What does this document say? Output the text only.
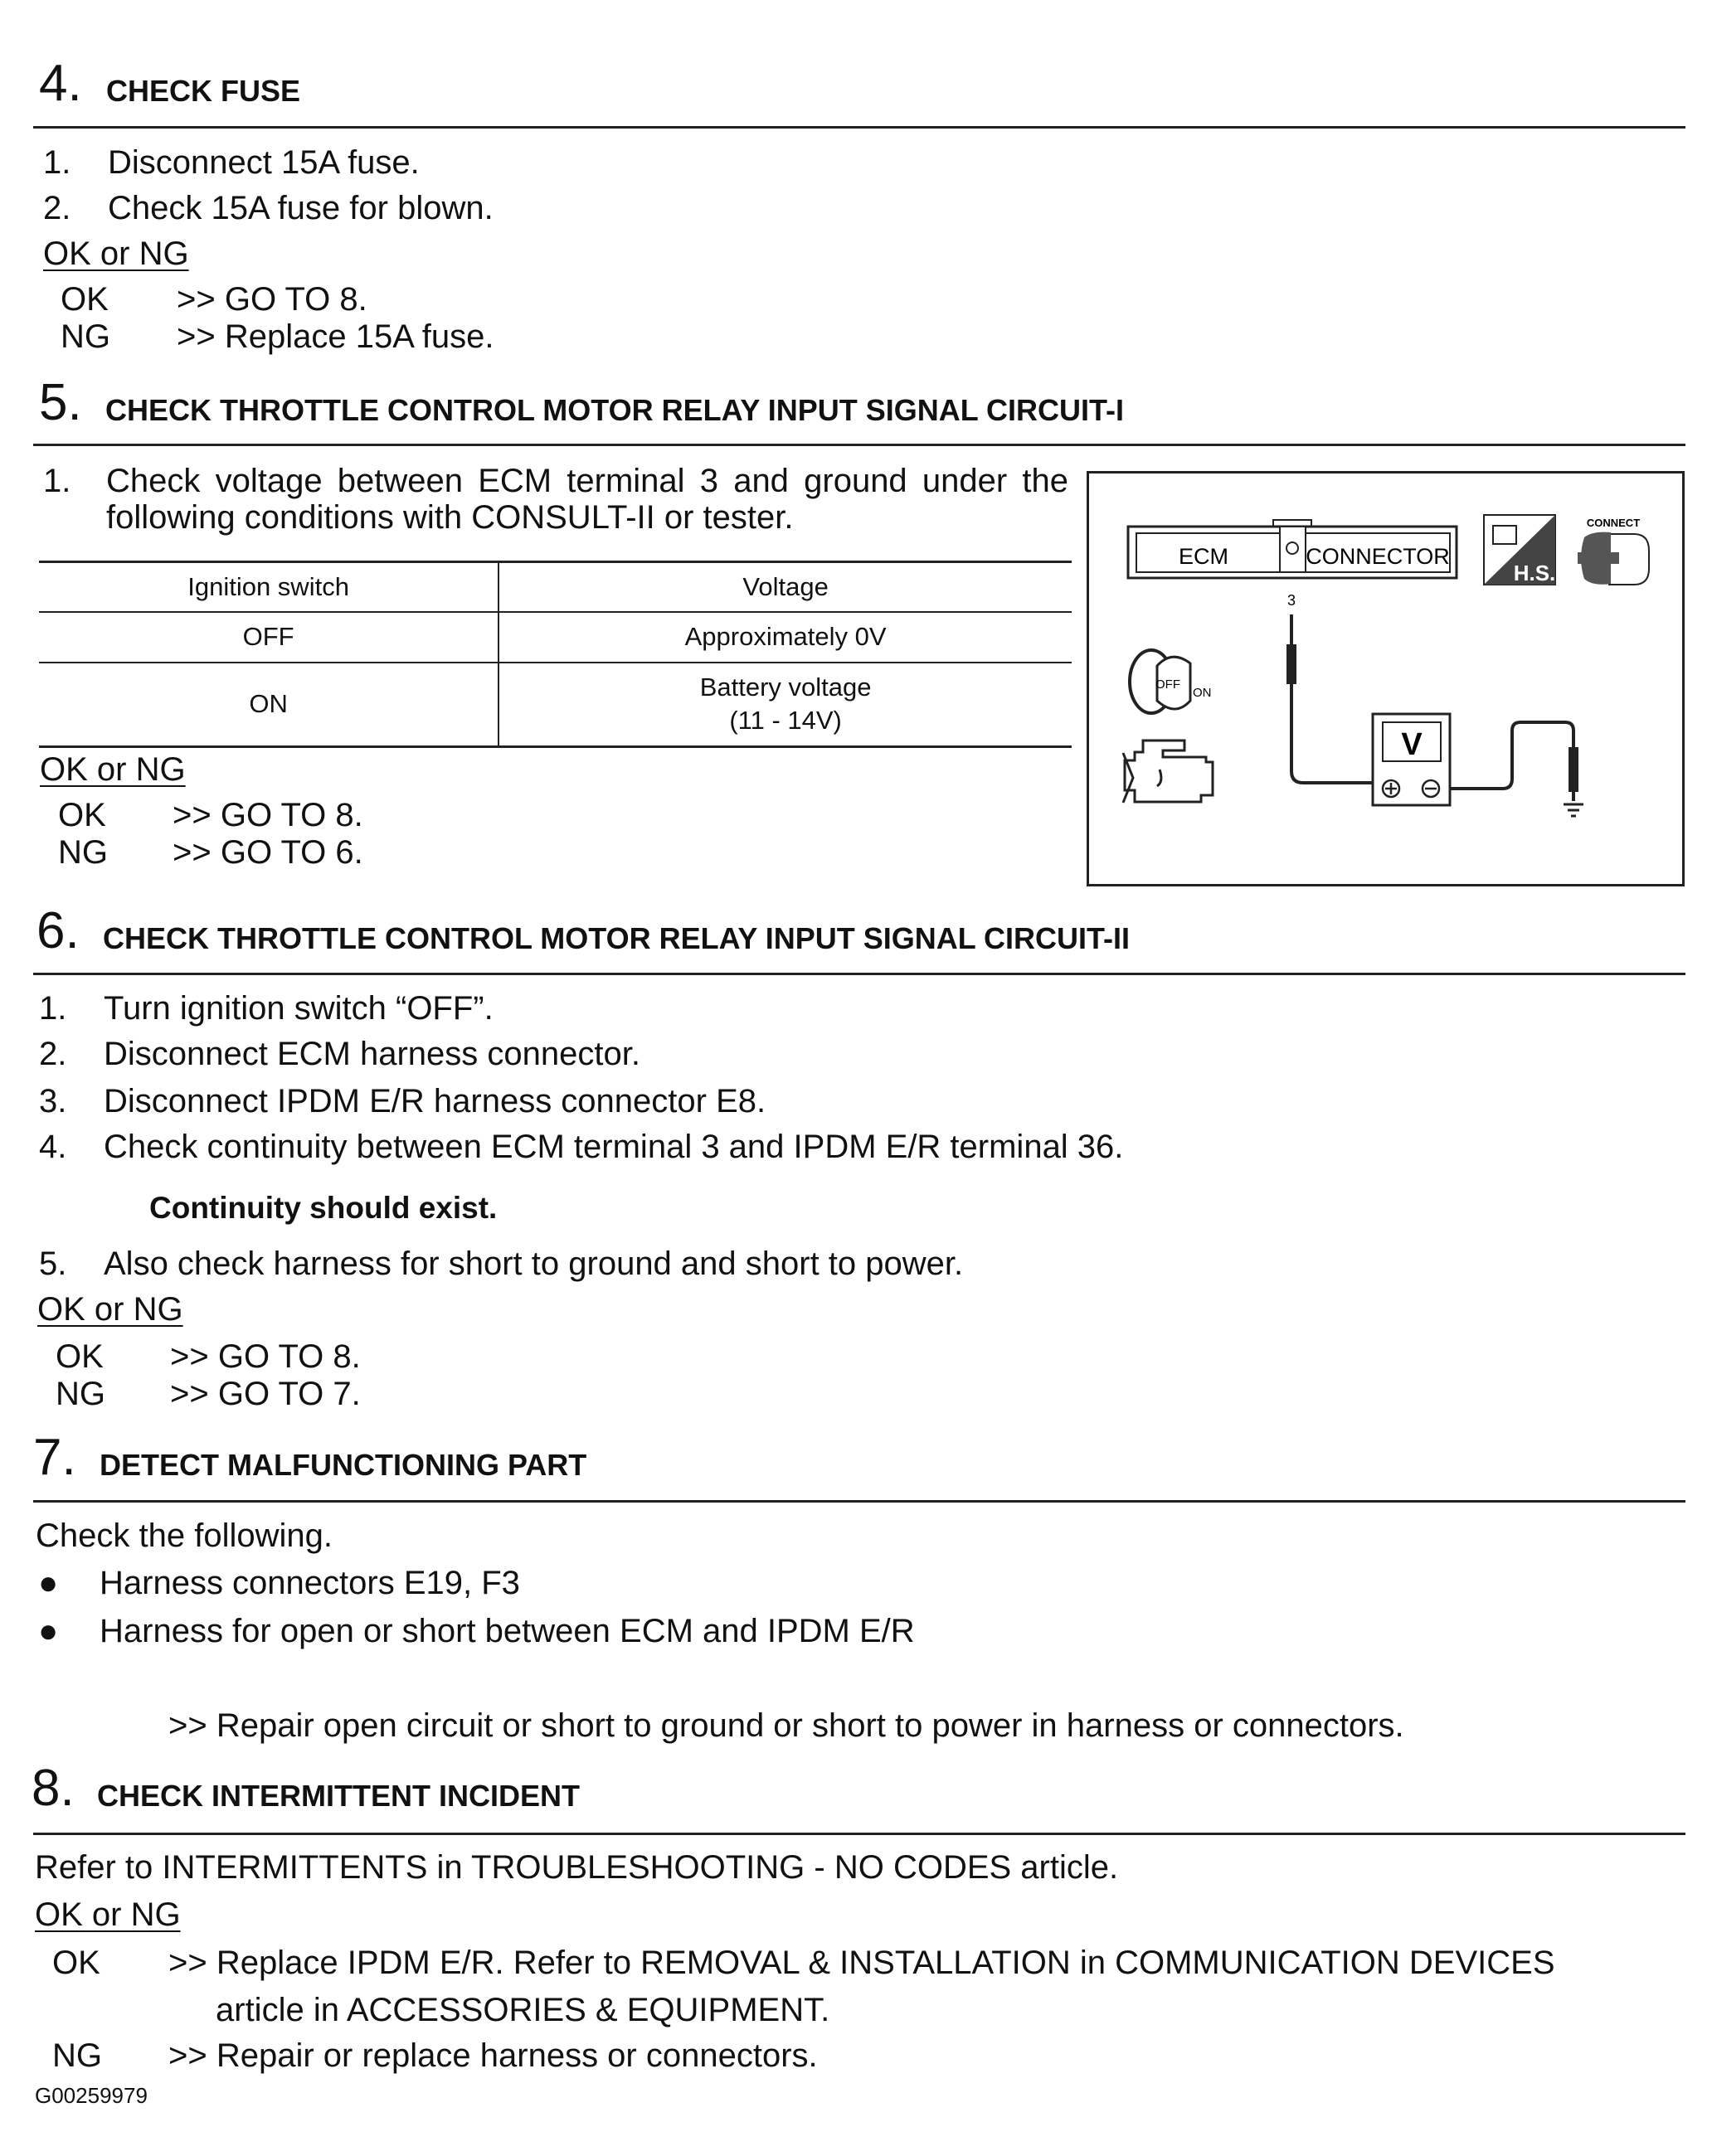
4. CHECK FUSE
1. Disconnect 15A fuse.
2. Check 15A fuse for blown.
OK or NG
OK >> GO TO 8.
NG >> Replace 15A fuse.
5. CHECK THROTTLE CONTROL MOTOR RELAY INPUT SIGNAL CIRCUIT-I
1. Check voltage between ECM terminal 3 and ground under the
following conditions with CONSULT-II or tester.
Ignition switch	Voltage
OFF	Approximately 0V
ON	Battery voltage
(11 - 14V)
OK or NG
OK >> GO TO 8.
NG >> GO TO 6.
ECM	CONNECTOR
H.S.
CONNECT
3
V
OFF
ON
6. CHECK THROTTLE CONTROL MOTOR RELAY INPUT SIGNAL CIRCUIT-II
1. Turn ignition switch “OFF”.
2. Disconnect ECM harness connector.
3. Disconnect IPDM E/R harness connector E8.
4. Check continuity between ECM terminal 3 and IPDM E/R terminal 36.
Continuity should exist.
5. Also check harness for short to ground and short to power.
OK or NG
OK >> GO TO 8.
NG >> GO TO 7.
7. DETECT MALFUNCTIONING PART
Check the following.
● Harness connectors E19, F3
● Harness for open or short between ECM and IPDM E/R
>> Repair open circuit or short to ground or short to power in harness or connectors.
8. CHECK INTERMITTENT INCIDENT
Refer to INTERMITTENTS in TROUBLESHOOTING - NO CODES article.
OK or NG
OK >> Replace IPDM E/R. Refer to REMOVAL & INSTALLATION in COMMUNICATION DEVICES
article in ACCESSORIES & EQUIPMENT.
NG >> Repair or replace harness or connectors.
G00259979
